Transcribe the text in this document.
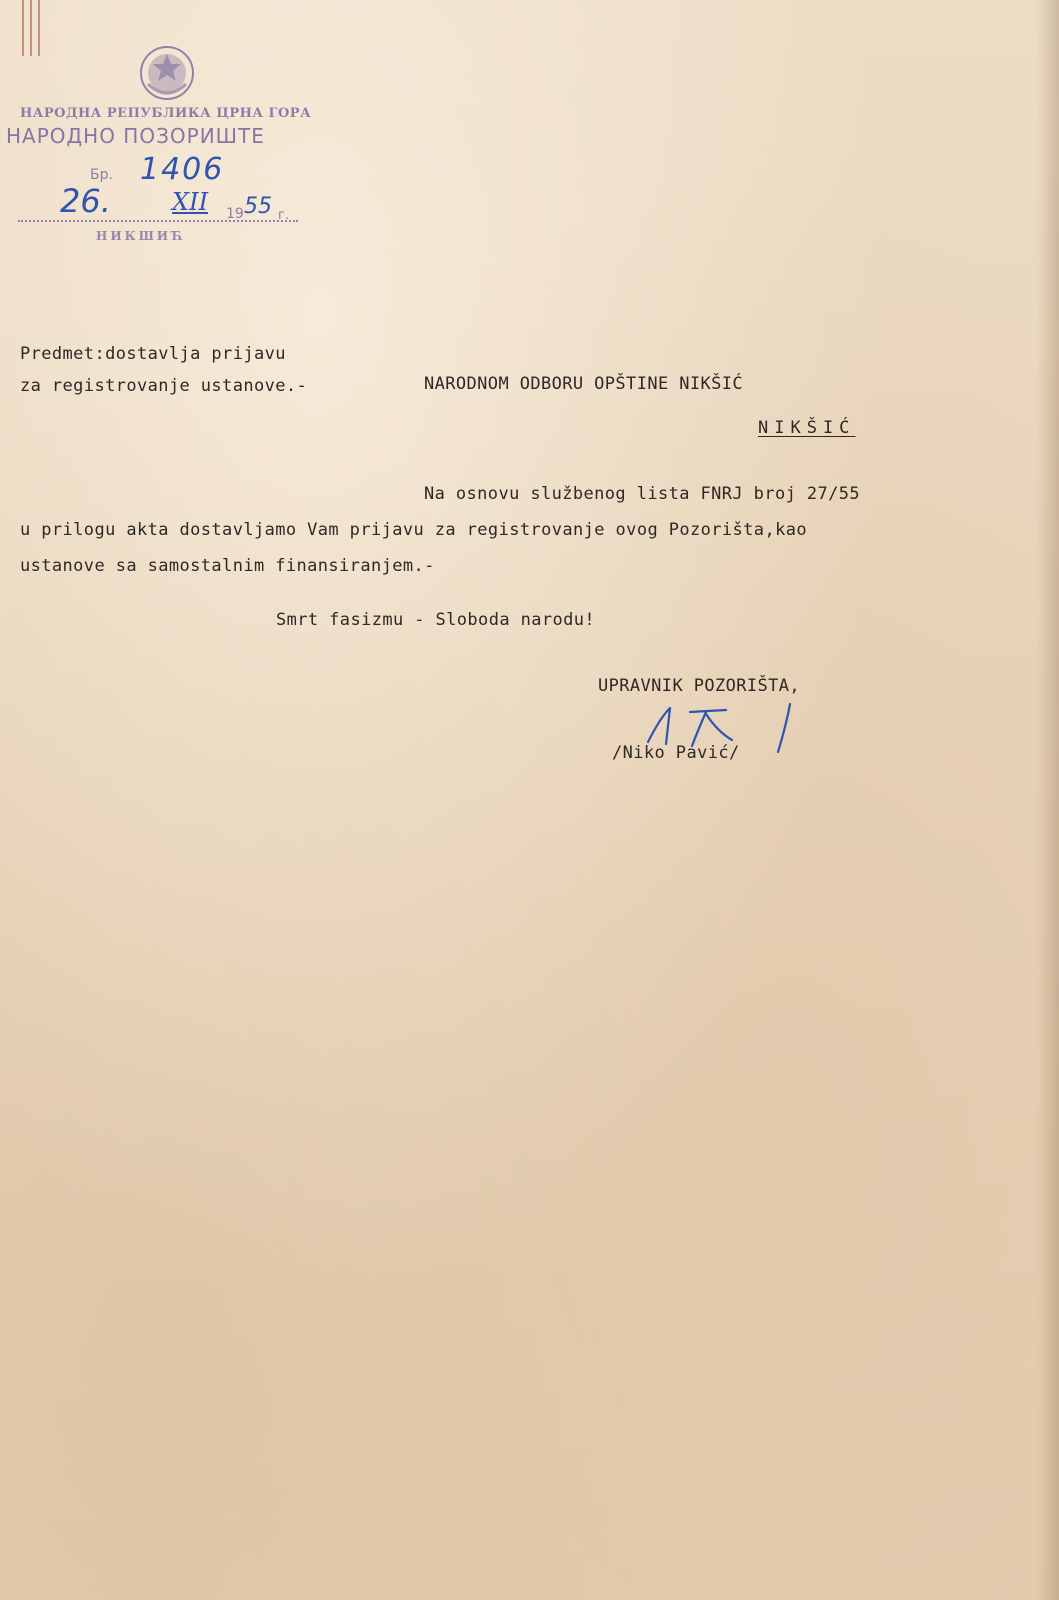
НАРОДНА РЕПУБЛИКА ЦРНА ГОРА
НАРОДНО ПОЗОРИШТЕ
Бр. 1406
26.	XII 19 55 г.
НИКШИЋ
Predmet:dostavlja prijavu
za registrovanje ustanove.-	NARODNOM ODBORU OPŠTINE NIKŠIĆ
NIKŠIĆ
Na osnovu službenog lista FNRJ broj 27/55
u prilogu akta dostavljamo Vam prijavu za registrovanje ovog Pozorišta,kao
ustanove sa samostalnim finansiranjem.-
Smrt fasizmu - Sloboda narodu!
UPRAVNIK POZORIŠTA,
/Niko Pavić/
